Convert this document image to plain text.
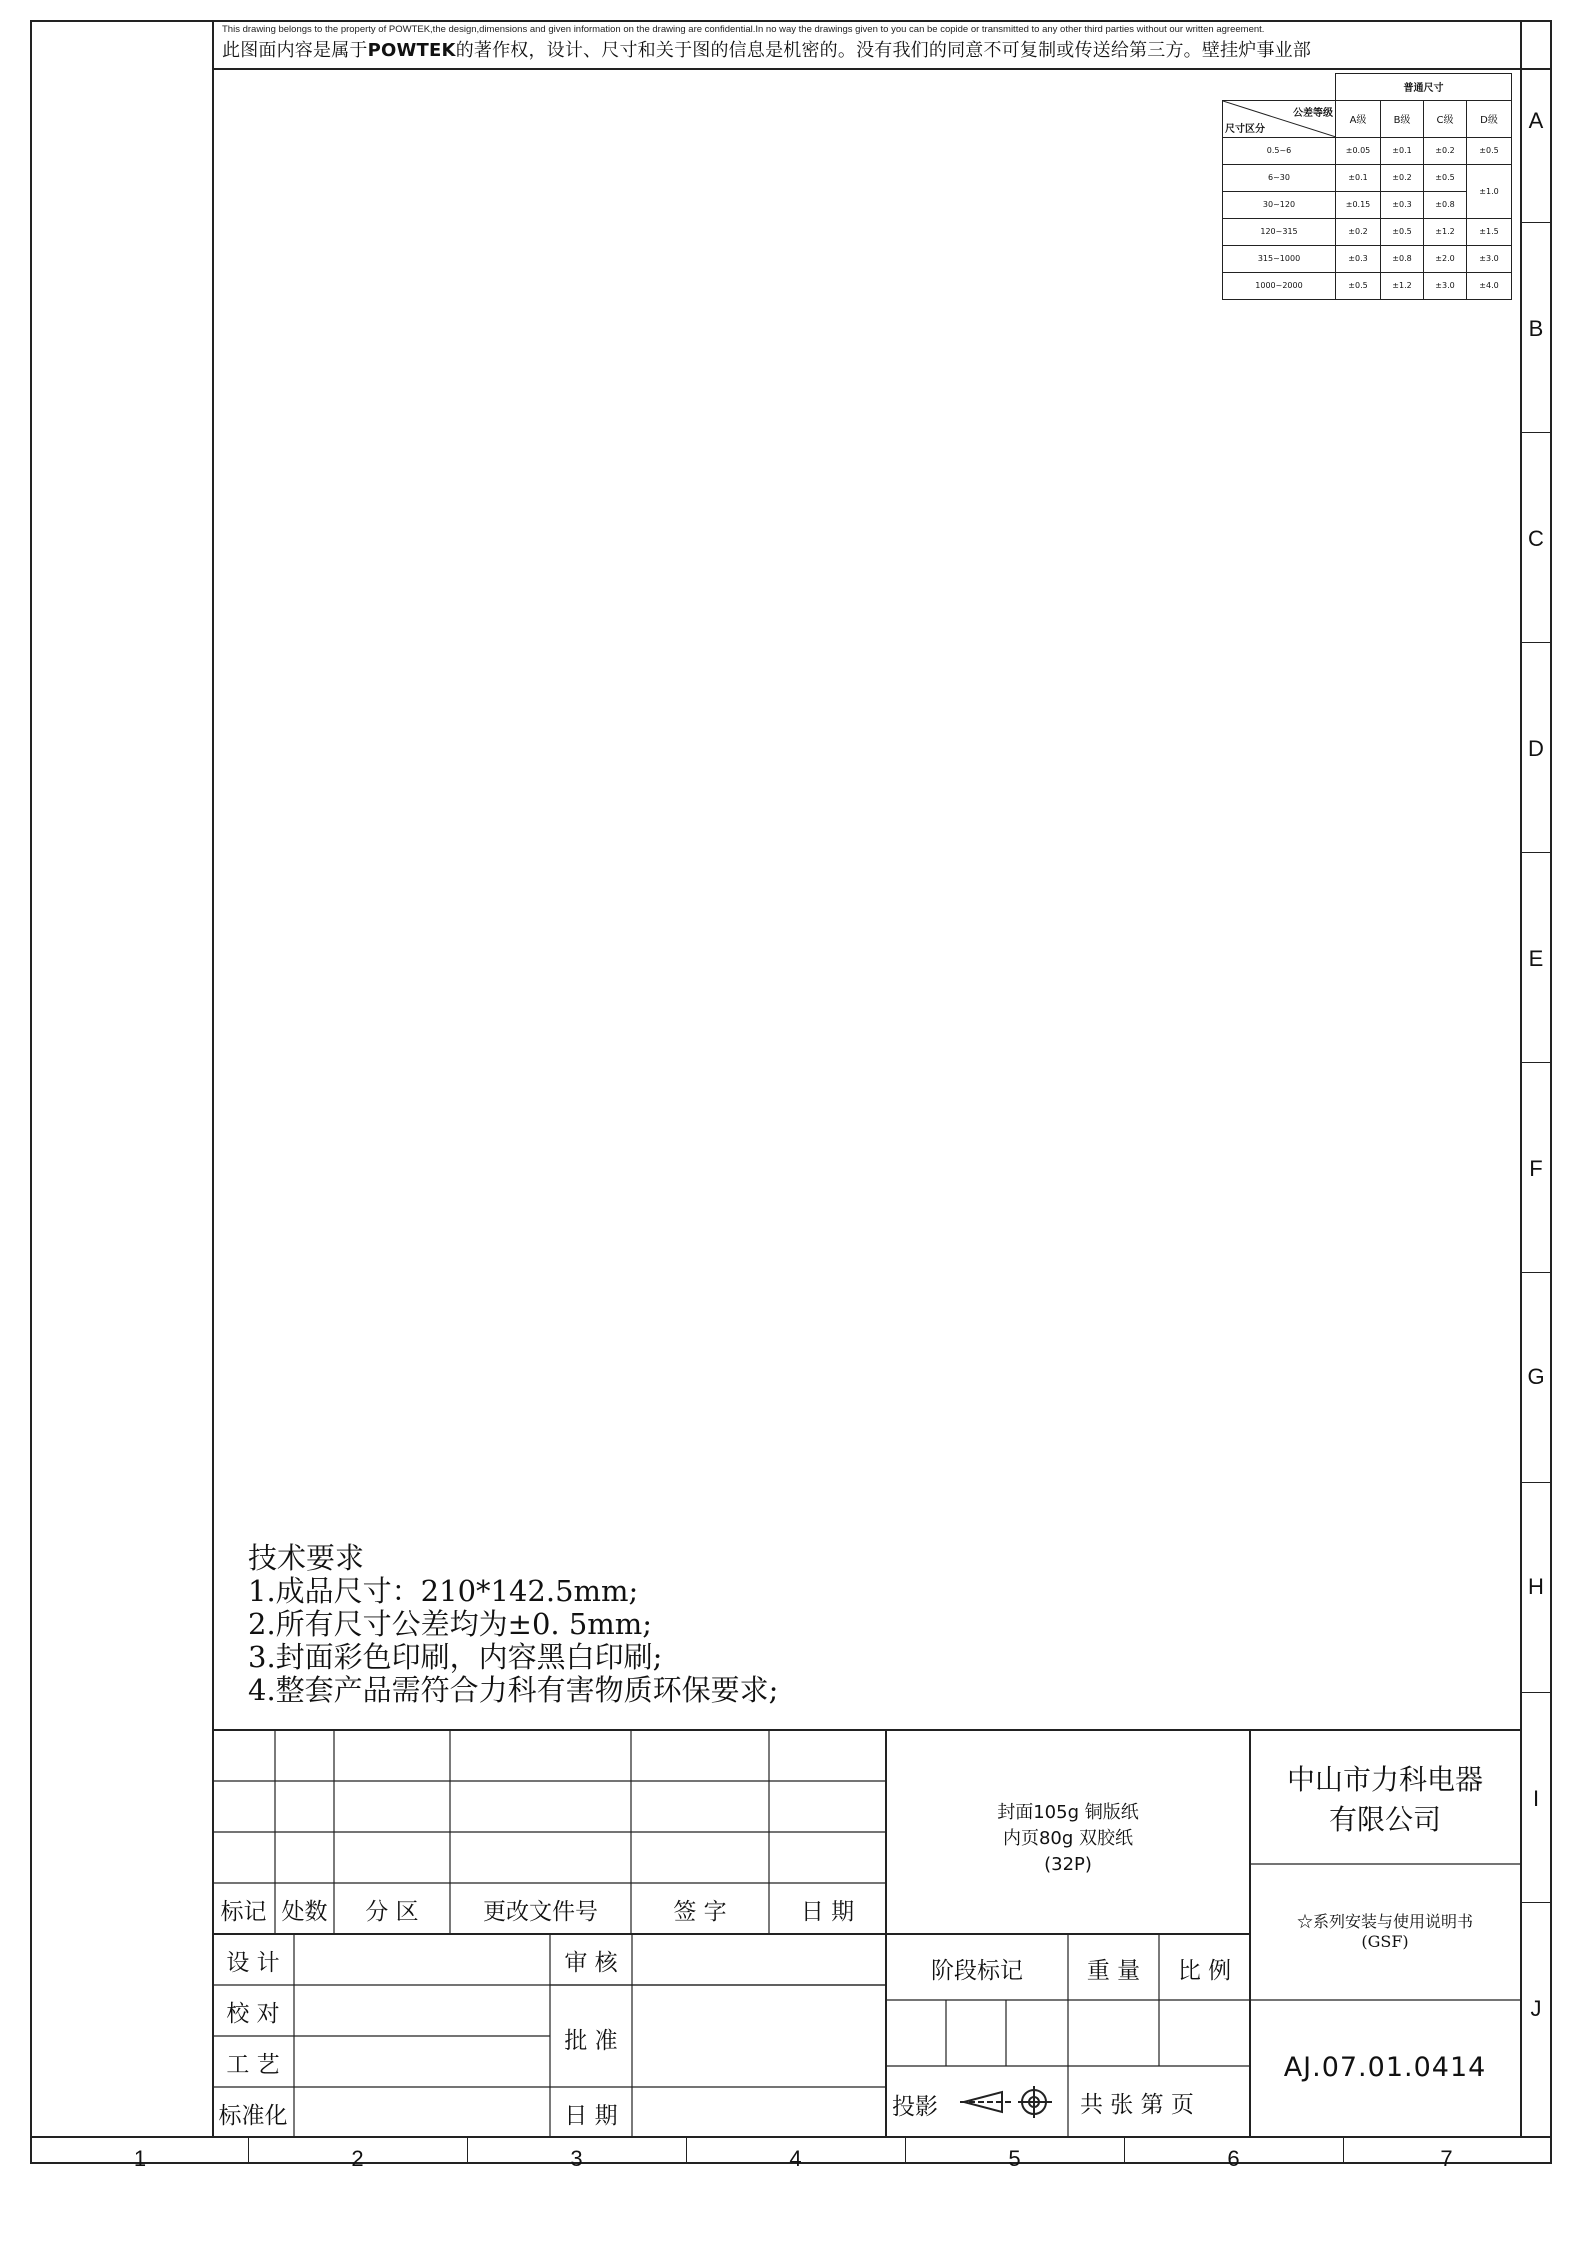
This drawing belongs to the property of POWTEK,the design,dimensions and given information on the drawing are confidential.In no way the drawings given to you can be copide or transmitted to any other third parties without our written agreement.
此图面内容是属于POWTEK的著作权，设计、尺寸和关于图的信息是机密的。没有我们的同意不可复制或传送给第三方。壁挂炉事业部
A
B
C
D
E
F
G
H
I
J
1	2	3	4	5	6	7
	普通尺寸			

公差等级
尺寸区分	A级	B级	C级	D级
0.5~6	±0.05	±0.1	±0.2	±0.5
6~30	±0.1	±0.2	±0.5	±1.0
30~120	±0.15	±0.3	±0.8	
120~315	±0.2	±0.5	±1.2	±1.5
315~1000	±0.3	±0.8	±2.0	±3.0
1000~2000	±0.5	±1.2	±3.0	±4.0
技术要求
1.成品尺寸：210*142.5mm;
2.所有尺寸公差均为±0. 5mm;
3.封面彩色印刷，内容黑白印刷;
4.整套产品需符合力科有害物质环保要求;
标记 处数	分 区	更改文件号	签 字	日 期
设 计
校 对
工 艺
标准化
审 核
批 准
日 期
封面105g 铜版纸
内页80g 双胶纸
(32P)
阶段标记	重 量	比 例
投影	共 张 第 页
中山市力科电器
有限公司
☆系列安装与使用说明书
(GSF)
AJ.07.01.0414
